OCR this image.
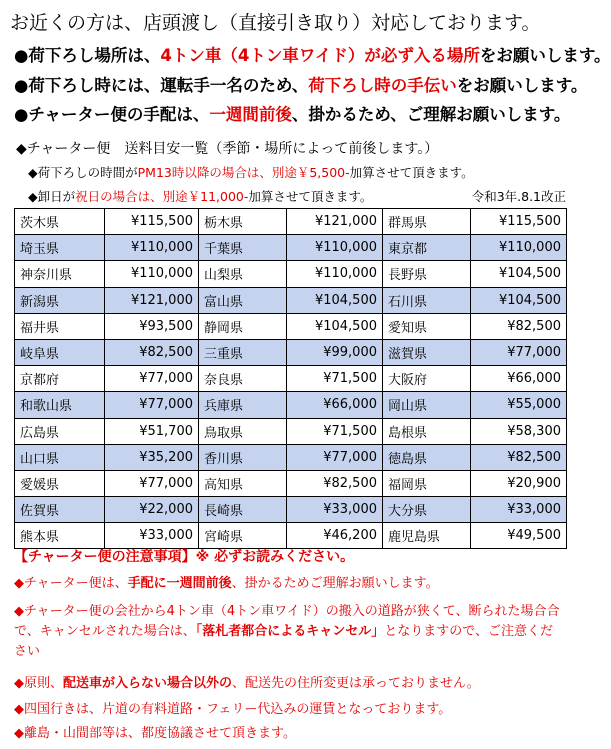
お近くの方は、店頭渡し（直接引き取り）対応しております。
●荷下ろし場所は、4トン車（4トン車ワイド）が必ず入る場所をお願いします。
●荷下ろし時には、運転手一名のため、荷下ろし時の手伝いをお願いします。
●チャーター便の手配は、一週間前後、掛かるため、ご理解お願いします。
◆チャーター便　送料目安一覧（季節・場所によって前後します。）
◆荷下ろしの時間がPM13時以降の場合は、別途￥5,500-加算させて頂きます。
◆卸日が祝日の場合は、別途￥11,000-加算させて頂きます。	令和3年.8.1改正
茨木県	¥115,500	栃木県	¥121,000	群馬県	¥115,500
埼玉県	¥110,000	千葉県	¥110,000	東京都	¥110,000
神奈川県	¥110,000	山梨県	¥110,000	長野県	¥104,500
新潟県	¥121,000	富山県	¥104,500	石川県	¥104,500
福井県	¥93,500	静岡県	¥104,500	愛知県	¥82,500
岐阜県	¥82,500	三重県	¥99,000	滋賀県	¥77,000
京都府	¥77,000	奈良県	¥71,500	大阪府	¥66,000
和歌山県	¥77,000	兵庫県	¥66,000	岡山県	¥55,000
広島県	¥51,700	鳥取県	¥71,500	島根県	¥58,300
山口県	¥35,200	香川県	¥77,000	徳島県	¥82,500
愛媛県	¥77,000	高知県	¥82,500	福岡県	¥20,900
佐賀県	¥22,000	長崎県	¥33,000	大分県	¥33,000
熊本県	¥33,000	宮崎県	¥46,200	鹿児島県	¥49,500
【チャーター便の注意事項】※ 必ずお読みください。
◆チャーター便は、手配に一週間前後、掛かるためご理解お願いします。
◆チャーター便の会社から4トン車（4トン車ワイド）の搬入の道路が狭くて、断られた場合合で、キャンセルされた場合は、「落札者都合によるキャンセル」となりますので、ご注意ください
◆原則、配送車が入らない場合以外の、配送先の住所変更は承っておりません。
◆四国行きは、片道の有料道路・フェリー代込みの運賃となっております。
◆離島・山間部等は、都度協議させて頂きます。
